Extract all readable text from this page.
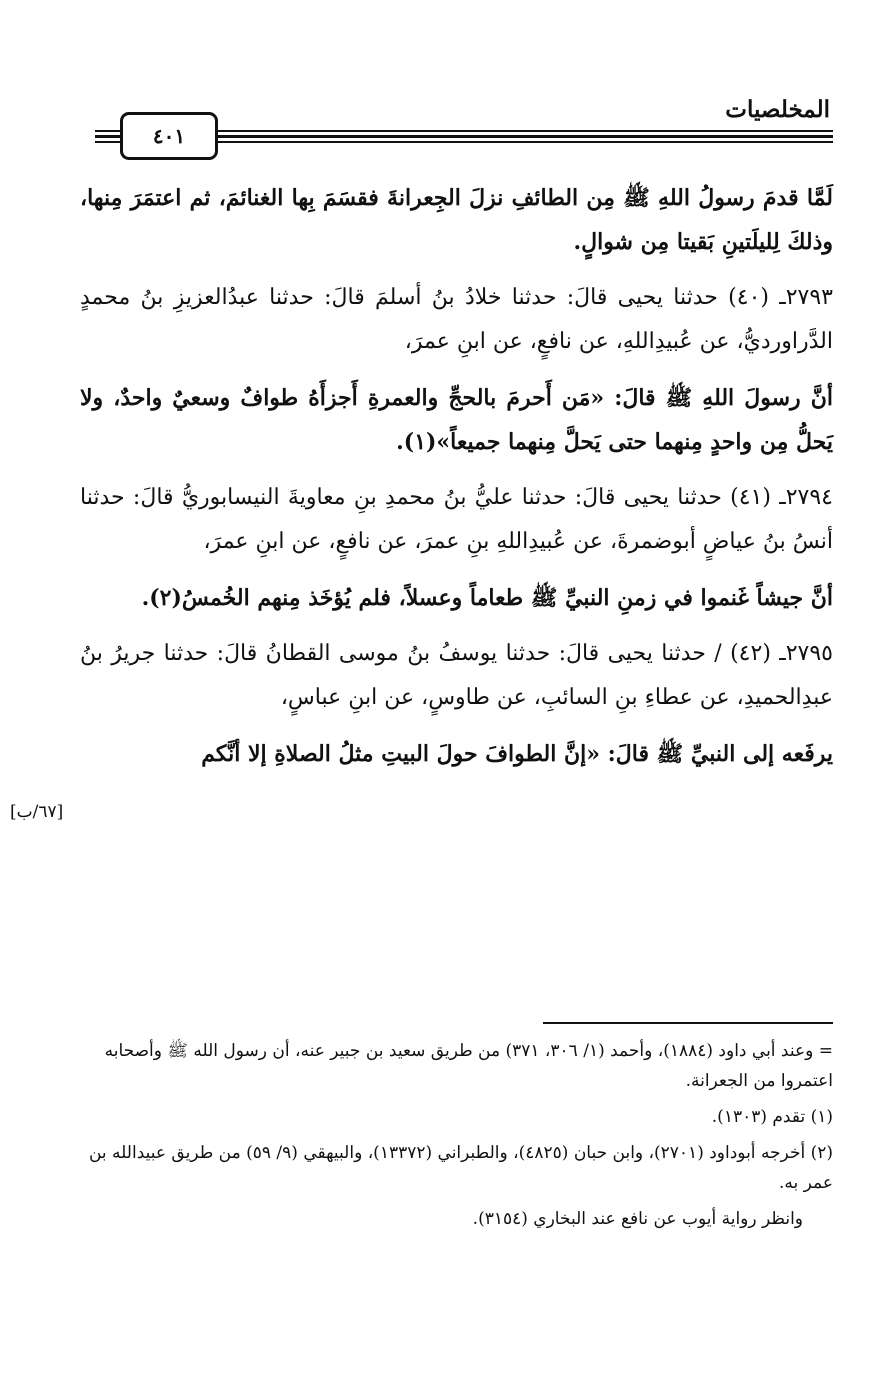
المخلصيات
٤٠١

لَمَّا قدمَ رسولُ اللهِ ﷺ مِن الطائفِ نزلَ الجِعرانةَ فقسَمَ بِها الغنائمَ، ثم اعتمَرَ مِنها، وذلكَ لِليلَتينِ بَقيتا مِن شوالٍ.

٢٧٩٣ـ (٤٠) حدثنا يحيى قالَ: حدثنا خلادُ بنُ أسلمَ قالَ: حدثنا عبدُالعزيزِ بنُ محمدٍ الدَّراورديُّ، عن عُبيدِاللهِ، عن نافعٍ، عن ابنِ عمرَ،

أنَّ رسولَ اللهِ ﷺ قالَ: «مَن أَحرمَ بالحجِّ والعمرةِ أَجزأَهُ طوافٌ وسعيٌ واحدٌ، ولا يَحلُّ مِن واحدٍ مِنهما حتى يَحلَّ مِنهما جميعاً»(١).

٢٧٩٤ـ (٤١) حدثنا يحيى قالَ: حدثنا عليُّ بنُ محمدِ بنِ معاويةَ النيسابوريُّ قالَ: حدثنا أنسُ بنُ عياضٍ أبوضمرةَ، عن عُبيدِاللهِ بنِ عمرَ، عن نافعٍ، عن ابنِ عمرَ،

أنَّ جيشاً غَنموا في زمنِ النبيِّ ﷺ طعاماً وعسلاً، فلم يُؤخَذ مِنهم الخُمسُ(٢).

٢٧٩٥ـ (٤٢) / حدثنا يحيى قالَ: حدثنا يوسفُ بنُ موسى القطانُ قالَ: حدثنا جريرُ بنُ عبدِالحميدِ، عن عطاءِ بنِ السائبِ، عن طاوسٍ، عن ابنِ عباسٍ،

يرفَعه إلى النبيِّ ﷺ قالَ: «إنَّ الطوافَ حولَ البيتِ مثلُ الصلاةِ إلا أنَّكم

[٦٧/ب]

= وعند أبي داود (١٨٨٤)، وأحمد (١/ ٣٠٦، ٣٧١) من طريق سعيد بن جبير عنه، أن رسول الله ﷺ وأصحابه اعتمروا من الجعرانة.

(١) تقدم (١٣٠٣).

(٢) أخرجه أبوداود (٢٧٠١)، وابن حبان (٤٨٢٥)، والطبراني (١٣٣٧٢)، والبيهقي (٩/ ٥٩) من طريق عبيدالله بن عمر به.

وانظر رواية أيوب عن نافع عند البخاري (٣١٥٤).
